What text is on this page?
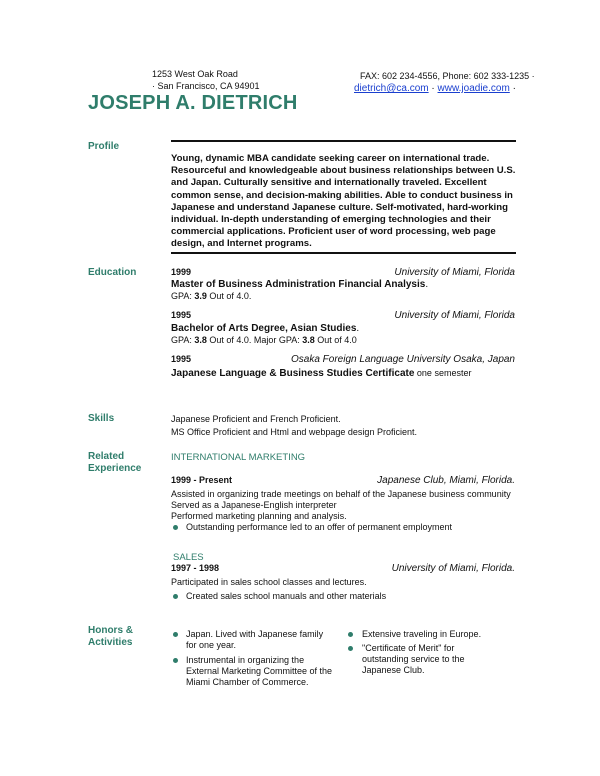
1253 West Oak Road
· San Francisco, CA 94901
JOSEPH A. DIETRICH
FAX: 602 234-4556, Phone: 602 333-1235 ·
dietrich@ca.com · www.joadie.com ·
Profile
Young, dynamic MBA candidate seeking career on international trade. Resourceful and knowledgeable about business relationships between U.S. and Japan. Culturally sensitive and internationally traveled. Excellent common sense, and decision-making abilities. Able to conduct business in Japanese and understand Japanese culture. Self-motivated, hard-working individual. In-depth understanding of emerging technologies and their commercial applications. Proficient user of word processing, web page design, and Internet programs.
Education	1999	University of Miami, Florida
Master of Business Administration Financial Analysis.
GPA: 3.9 Out of 4.0.
1995	University of Miami, Florida
Bachelor of Arts Degree, Asian Studies.
GPA: 3.8 Out of 4.0. Major GPA: 3.8 Out of 4.0
1995	Osaka Foreign Language University Osaka, Japan
Japanese Language & Business Studies Certificate one semester
Skills	Japanese Proficient and French Proficient.
MS Office Proficient and Html and webpage design Proficient.
Related
Experience
INTERNATIONAL MARKETING
1999 - Present	Japanese Club, Miami, Florida.
Assisted in organizing trade meetings on behalf of the Japanese business community
Served as a Japanese-English interpreter
Performed marketing planning and analysis.
Outstanding performance led to an offer of permanent employment
SALES
1997 - 1998	University of Miami, Florida.
Participated in sales school classes and lectures.
Created sales school manuals and other materials
Honors &
Activities
Japan. Lived with Japanese family for one year.
Instrumental in organizing the External Marketing Committee of the Miami Chamber of Commerce.
Extensive traveling in Europe.
"Certificate of Merit" for outstanding service to the Japanese Club.
